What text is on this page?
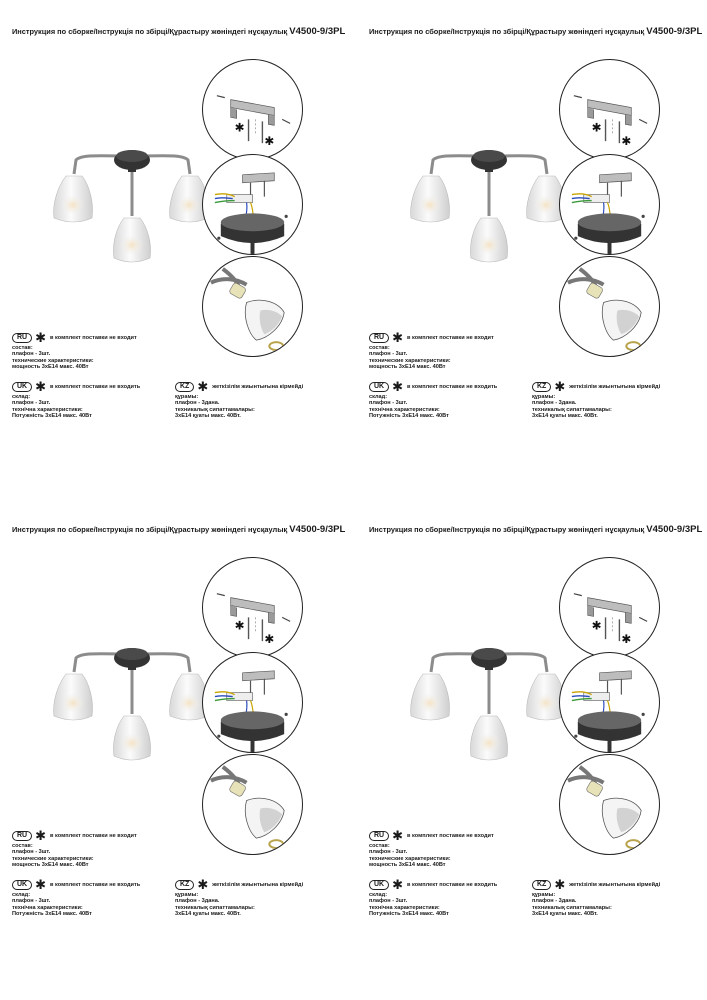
Инструкция по сборке/Інструкція по збірці/Құрастыру жөніндегі нұсқаулық V4500-9/3PL
✱
✱
RU ✱ в комплект поставки не входит
состав:
плафон - 3шт.
технические характеристики:
мощность 3xE14 макс. 40Вт
UK ✱ в комплект поставки не входить
склад:
плафон - 3шт.
технічна характеристики:
Потужність 3хE14 макс. 40Вт
KZ ✱ жеткізілім жиынтығына кірмейді
құрамы:
плафон - 3дана.
техникалық сипаттамалары:
3хE14 қуаты макс. 40Вт.
Инструкция по сборке/Інструкція по збірці/Құрастыру жөніндегі нұсқаулық V4500-9/3PL
✱
✱
RU ✱ в комплект поставки не входит
состав:
плафон - 3шт.
технические характеристики:
мощность 3xE14 макс. 40Вт
UK ✱ в комплект поставки не входить
склад:
плафон - 3шт.
технічна характеристики:
Потужність 3хE14 макс. 40Вт
KZ ✱ жеткізілім жиынтығына кірмейді
құрамы:
плафон - 3дана.
техникалық сипаттамалары:
3хE14 қуаты макс. 40Вт.
Инструкция по сборке/Інструкція по збірці/Құрастыру жөніндегі нұсқаулық V4500-9/3PL
✱
✱
RU ✱ в комплект поставки не входит
состав:
плафон - 3шт.
технические характеристики:
мощность 3xE14 макс. 40Вт
UK ✱ в комплект поставки не входить
склад:
плафон - 3шт.
технічна характеристики:
Потужність 3хE14 макс. 40Вт
KZ ✱ жеткізілім жиынтығына кірмейді
құрамы:
плафон - 3дана.
техникалық сипаттамалары:
3хE14 қуаты макс. 40Вт.
Инструкция по сборке/Інструкція по збірці/Құрастыру жөніндегі нұсқаулық V4500-9/3PL
✱
✱
RU ✱ в комплект поставки не входит
состав:
плафон - 3шт.
технические характеристики:
мощность 3xE14 макс. 40Вт
UK ✱ в комплект поставки не входить
склад:
плафон - 3шт.
технічна характеристики:
Потужність 3хE14 макс. 40Вт
KZ ✱ жеткізілім жиынтығына кірмейді
құрамы:
плафон - 3дана.
техникалық сипаттамалары:
3хE14 қуаты макс. 40Вт.
